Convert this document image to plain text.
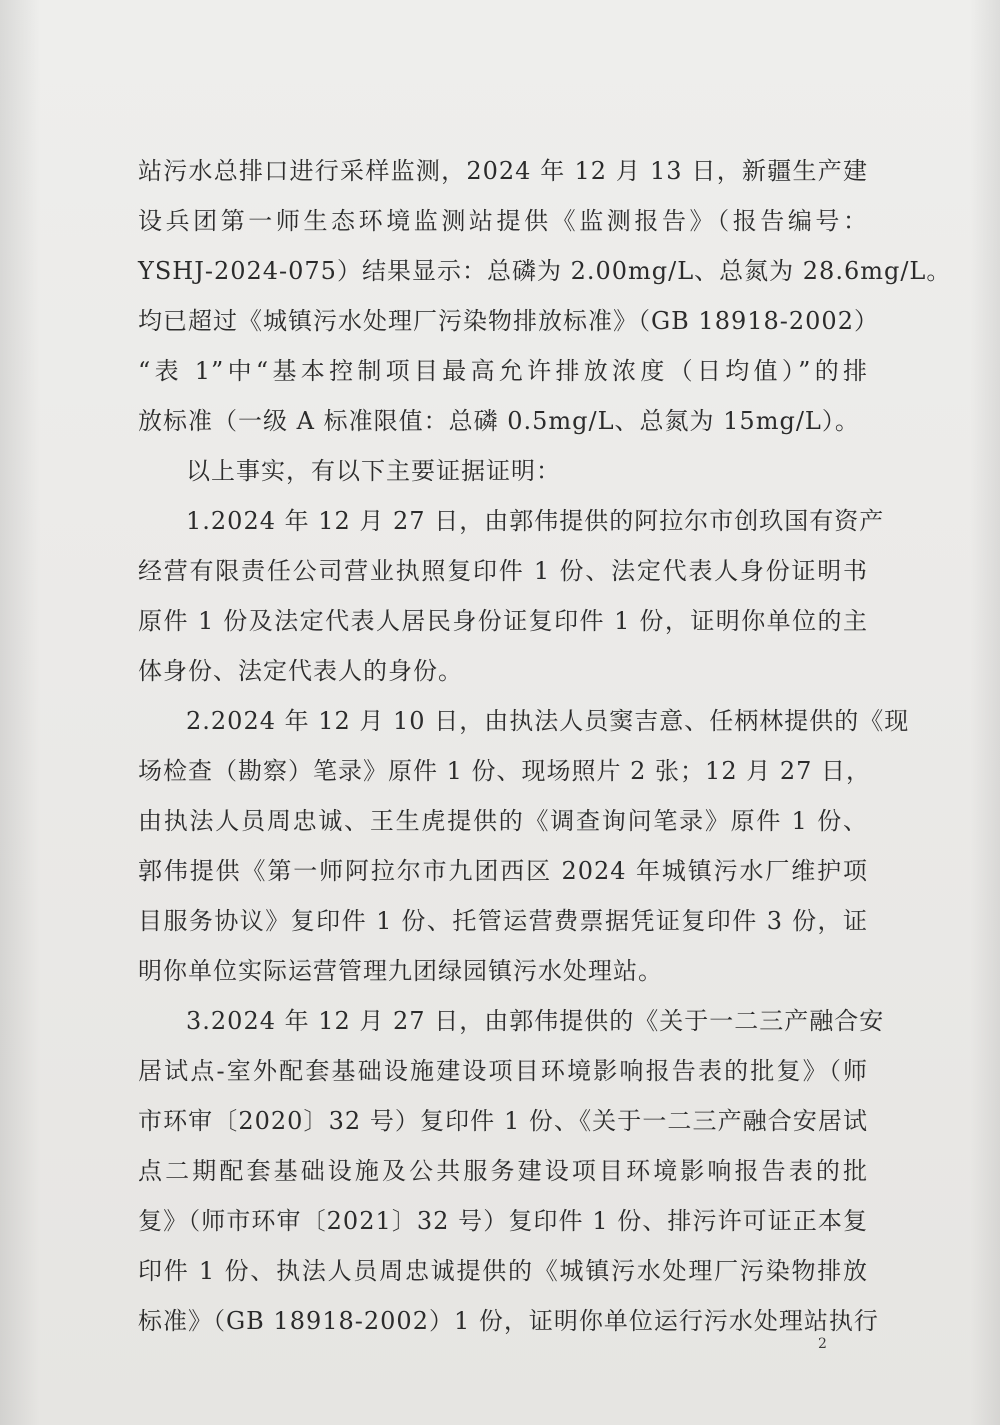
站污水总排口进行采样监测，2024 年 12 月 13 日，新疆生产建
设兵团第一师生态环境监测站提供《监测报告》（报告编号：
YSHJ-2024-075）结果显示：总磷为 2.00mg/L、总氮为 28.6mg/L。
均已超过《城镇污水处理厂污染物排放标准》（GB 18918-2002）
“表 1”中“基本控制项目最高允许排放浓度（日均值）”的排
放标准（一级 A 标准限值：总磷 0.5mg/L、总氮为 15mg/L）。
以上事实，有以下主要证据证明：
1.2024 年 12 月 27 日，由郭伟提供的阿拉尔市创玖国有资产
经营有限责任公司营业执照复印件 1 份、法定代表人身份证明书
原件 1 份及法定代表人居民身份证复印件 1 份，证明你单位的主
体身份、法定代表人的身份。
2.2024 年 12 月 10 日，由执法人员窦吉意、任柄林提供的《现
场检查（勘察）笔录》原件 1 份、现场照片 2 张；12 月 27 日，
由执法人员周忠诚、王生虎提供的《调查询问笔录》原件 1 份、
郭伟提供《第一师阿拉尔市九团西区 2024 年城镇污水厂维护项
目服务协议》复印件 1 份、托管运营费票据凭证复印件 3 份，证
明你单位实际运营管理九团绿园镇污水处理站。
3.2024 年 12 月 27 日，由郭伟提供的《关于一二三产融合安
居试点-室外配套基础设施建设项目环境影响报告表的批复》（师
市环审〔2020〕32 号）复印件 1 份、《关于一二三产融合安居试
点二期配套基础设施及公共服务建设项目环境影响报告表的批
复》（师市环审〔2021〕32 号）复印件 1 份、排污许可证正本复
印件 1 份、执法人员周忠诚提供的《城镇污水处理厂污染物排放
标准》（GB 18918-2002）1 份，证明你单位运行污水处理站执行
2
